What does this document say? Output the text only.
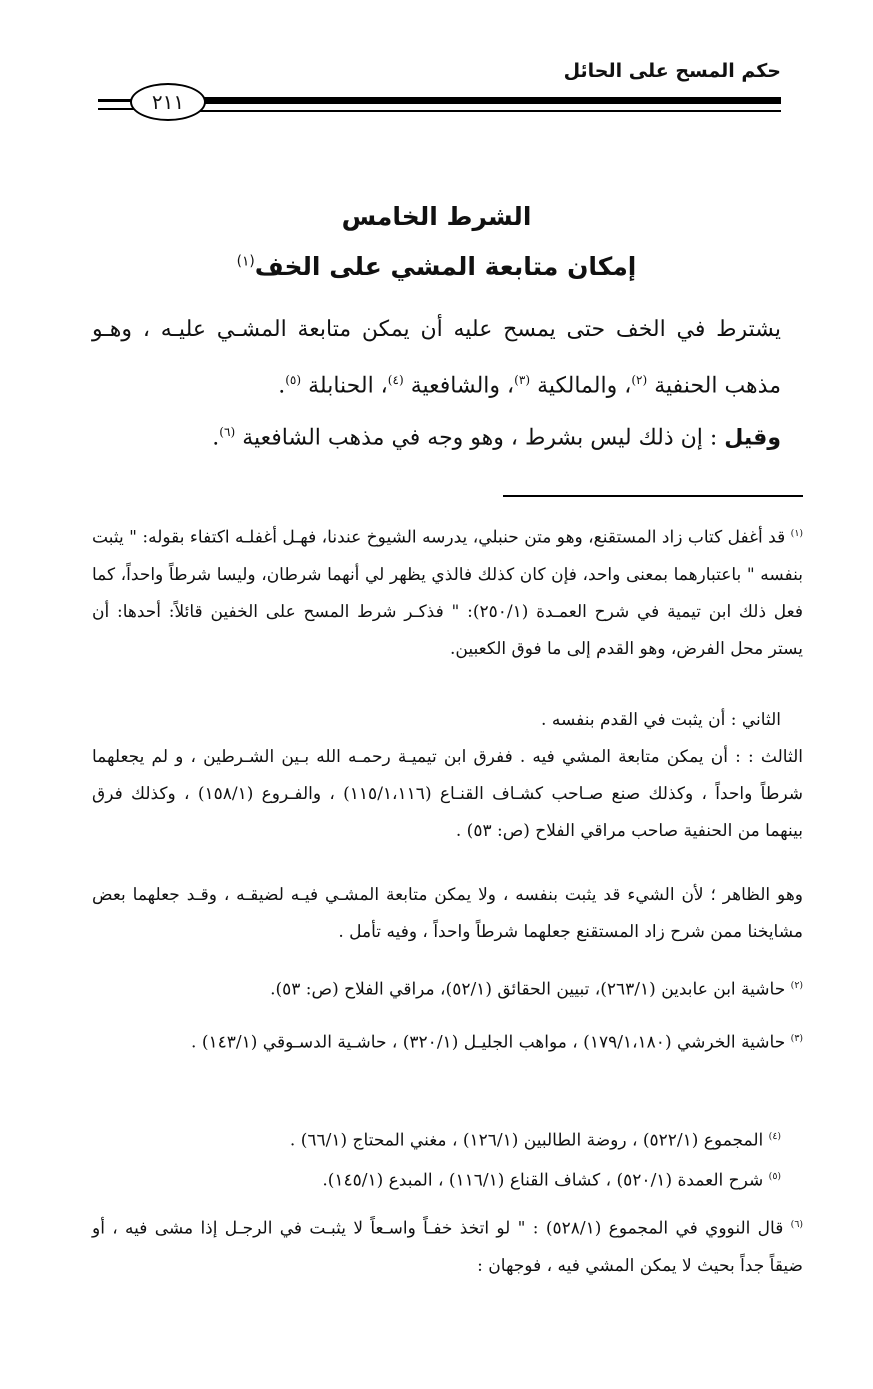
حكم المسح على الحائل
٢١١
الشرط الخامس
إمكان متابعة المشي على الخف$^{(١)}$
يشترط في الخف حتى يمسح عليه أن يمكن متابعة المشـي عليـه ، وهـو مذهب الحنفية $^{(٢)}$، والمالكية $^{(٣)}$، والشافعية $^{(٤)}$، الحنابلة $^{(٥)}$.
وقيل : إن ذلك ليس بشرط ، وهو وجه في مذهب الشافعية $^{(٦)}$.
$^{(١)}$ قد أغفل كتاب زاد المستقنع، وهو متن حنبلي، يدرسه الشيوخ عندنا، فهـل أغفلـه اكتفاء بقوله: " يثبت بنفسه " باعتبارهما بمعنى واحد، فإن كان كذلك فالذي يظهر لي أنهما شرطان، وليسا شرطاً واحداً، كما فعل ذلك ابن تيمية في شرح العمـدة (٢٥٠/١): " فذكـر شرط المسح على الخفين قائلاً: أحدها: أن يستر محل الفرض، وهو القدم إلى ما فوق الكعبين.
الثاني : أن يثبت في القدم بنفسه .
الثالث : : أن يمكن متابعة المشي فيه . ففرق ابن تيميـة رحمـه الله بـين الشـرطين ، و لم يجعلهما شرطاً واحداً ، وكذلك صنع صـاحب كشـاف القنـاع (١١٥/١،١١٦) ، والفـروع (١٥٨/١) ، وكذلك فرق بينهما من الحنفية صاحب مراقي الفلاح (ص: ٥٣) .
وهو الظاهر ؛ لأن الشيء قد يثبت بنفسه ، ولا يمكن متابعة المشـي فيـه لضيقـه ، وقـد جعلهما بعض مشايخنا ممن شرح زاد المستقنع جعلهما شرطاً واحداً ، وفيه تأمل .
$^{(٢)}$ حاشية ابن عابدين (٢٦٣/١)، تبيين الحقائق (٥٢/١)، مراقي الفلاح (ص: ٥٣).
$^{(٣)}$ حاشية الخرشي (١٧٩/١،١٨٠) ، مواهب الجليـل (٣٢٠/١) ، حاشـية الدسـوقي (١٤٣/١) .
$^{(٤)}$ المجموع (٥٢٢/١) ، روضة الطالبين (١٢٦/١) ، مغني المحتاج (٦٦/١) .
$^{(٥)}$ شرح العمدة (٥٢٠/١) ، كشاف القناع (١١٦/١) ، المبدع (١٤٥/١).
$^{(٦)}$ قال النووي في المجموع (٥٢٨/١) : " لو اتخذ خفـاً واسـعاً لا يثبـت في الرجـل إذا مشى فيه ، أو ضيقاً جداً بحيث لا يمكن المشي فيه ، فوجهان :
